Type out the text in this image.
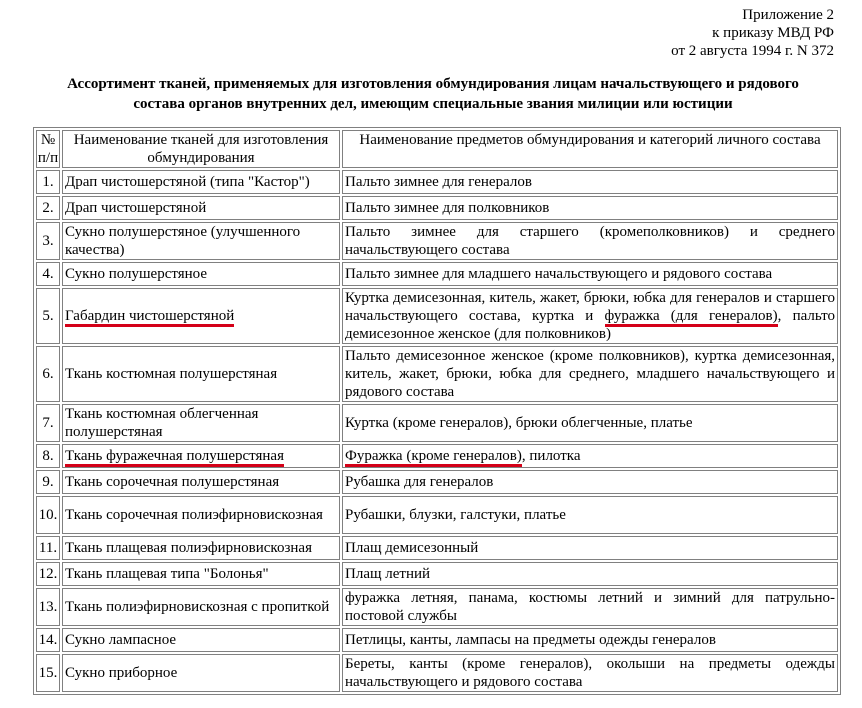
Приложение 2
к приказу МВД РФ
от 2 августа 1994 г. N 372
Ассортимент тканей, применяемых для изготовления обмундирования лицам начальствующего и рядового
состава органов внутренних дел, имеющим специальные звания милиции или юстиции
№ п/п	Наименование тканей для изготовления обмундирования	Наименование предметов обмундирования и категорий личного состава
1.	Драп чистошерстяной (типа "Кастор")	Пальто зимнее для генералов
2.	Драп чистошерстяной	Пальто зимнее для полковников
3.	Сукно полушерстяное (улучшенного качества)	Пальто зимнее для старшего (кромеполковников) и среднего начальствующего состава
4.	Сукно полушерстяное	Пальто зимнее для младшего начальствующего и рядового состава
5.	Габардин чистошерстяной	Куртка демисезонная, китель, жакет, брюки, юбка для генералов и старшего начальствующего состава, куртка и фуражка (для генералов), пальто демисезонное женское (для полковников)
6.	Ткань костюмная полушерстяная	Пальто демисезонное женское (кроме полковников), куртка демисезонная, китель, жакет, брюки, юбка для среднего, младшего начальствующего и рядового состава
7.	Ткань костюмная облегченная полушерстяная	Куртка (кроме генералов), брюки облегченные, платье
8.	Ткань фуражечная полушерстяная	Фуражка (кроме генералов), пилотка
9.	Ткань сорочечная полушерстяная	Рубашка для генералов
10.	Ткань сорочечная полиэфирновискозная	Рубашки, блузки, галстуки, платье
11.	Ткань плащевая полиэфирновискозная	Плащ демисезонный
12.	Ткань плащевая типа "Болонья"	Плащ летний
13.	Ткань полиэфирновискозная с пропиткой	фуражка летняя, панама, костюмы летний и зимний для патрульно-постовой службы
14.	Сукно лампасное	Петлицы, канты, лампасы на предметы одежды генералов
15.	Сукно приборное	Береты, канты (кроме генералов), околыши на предметы одежды начальствующего и рядового состава
